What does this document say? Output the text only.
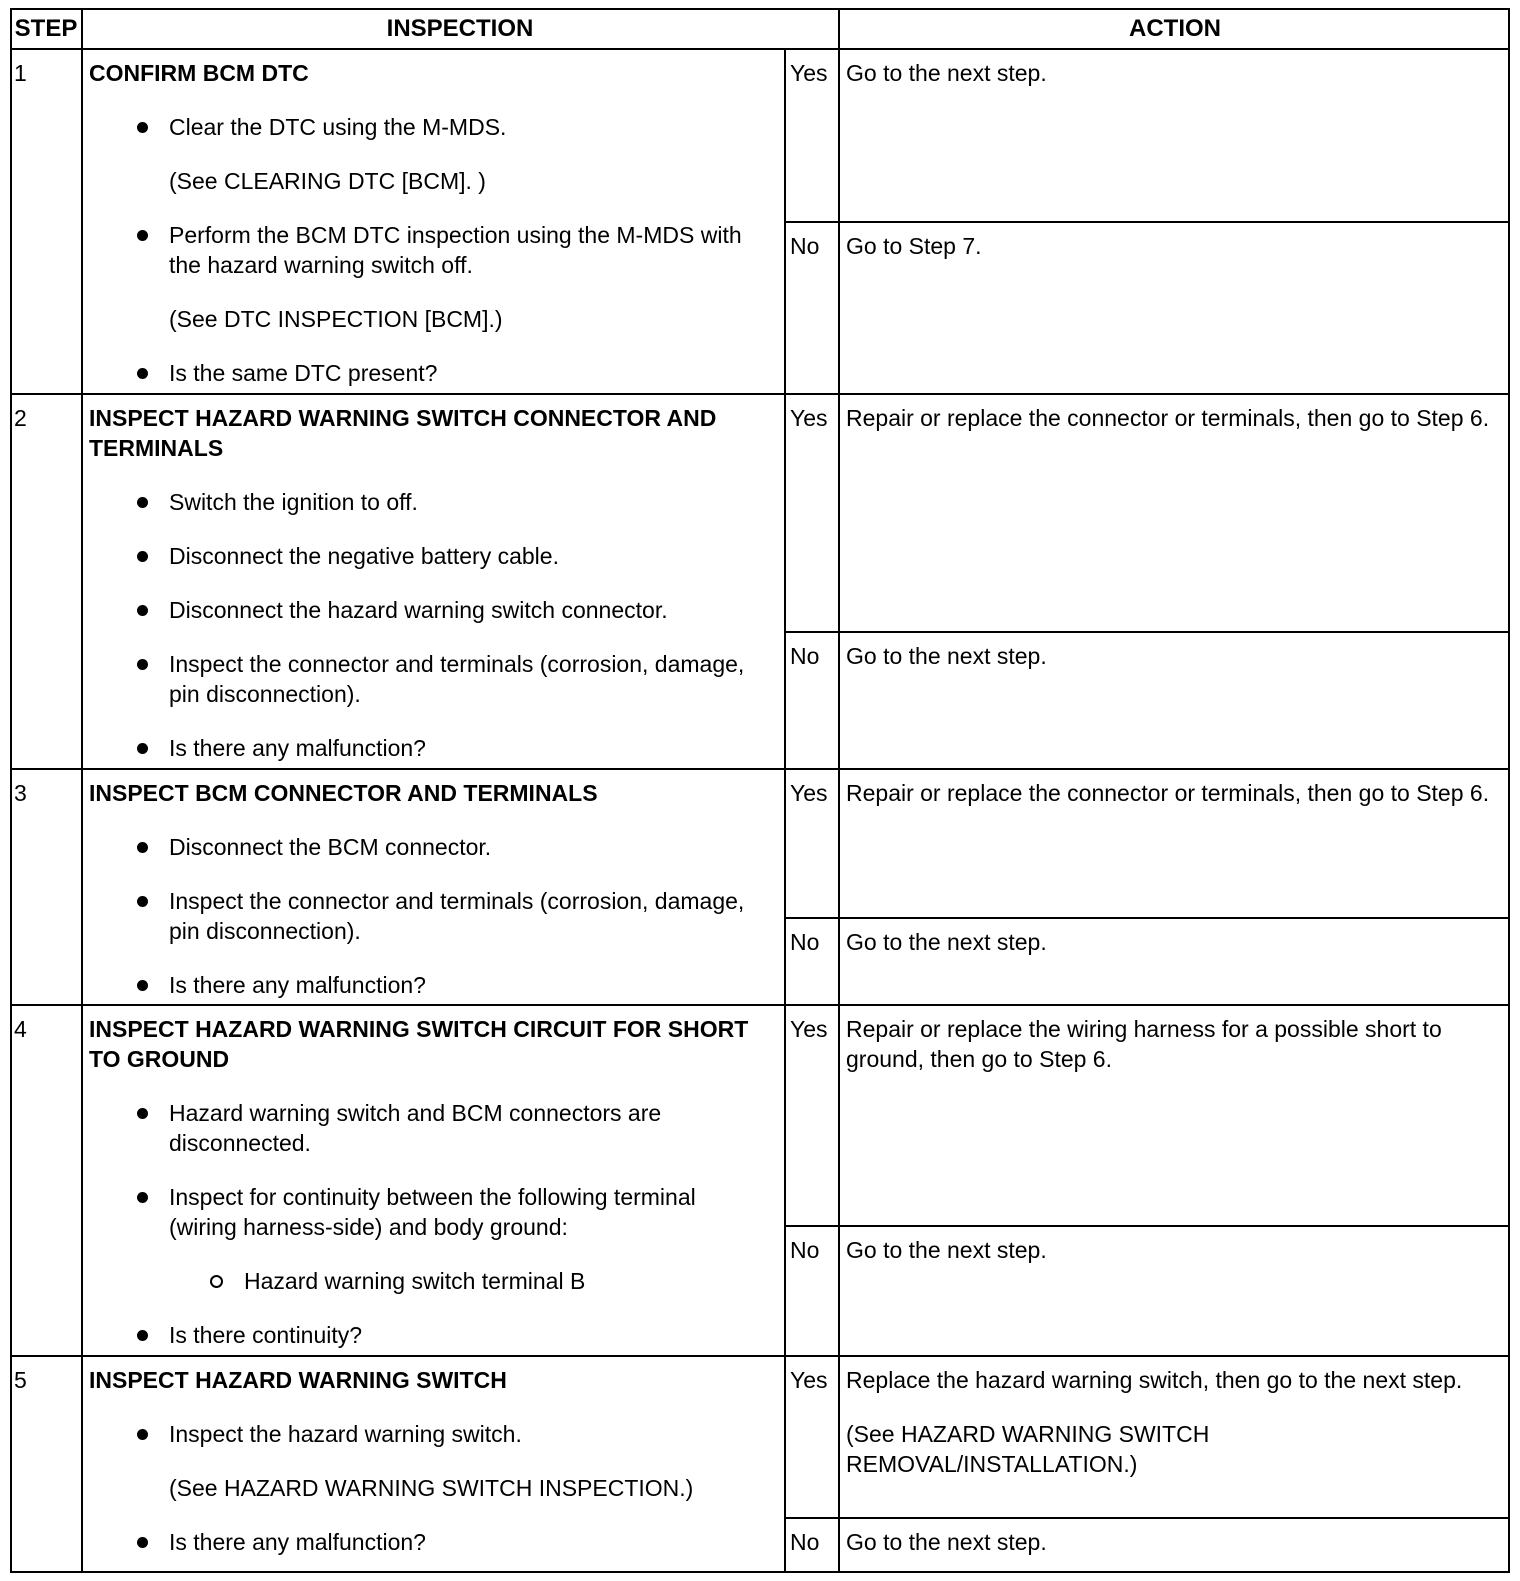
STEP	INSPECTION	ACTION
1	CONFIRM BCM DTC
Clear the DTC using the M-MDS.
(See CLEARING DTC [BCM]. )
Perform the BCM DTC inspection using the M-MDS with the hazard warning switch off.
(See DTC INSPECTION [BCM].)
Is the same DTC present?
Yes Go to the next step.
No	Go to Step 7.
2	INSPECT HAZARD WARNING SWITCH CONNECTOR AND TERMINALS
Switch the ignition to off.
Disconnect the negative battery cable.
Disconnect the hazard warning switch connector.
Inspect the connector and terminals (corrosion, damage, pin disconnection).
Is there any malfunction?
Yes Repair or replace the connector or terminals, then go to Step 6.
No	Go to the next step.
3	INSPECT BCM CONNECTOR AND TERMINALS
Disconnect the BCM connector.
Inspect the connector and terminals (corrosion, damage, pin disconnection).
Is there any malfunction?
Yes Repair or replace the connector or terminals, then go to Step 6.
No	Go to the next step.
4	INSPECT HAZARD WARNING SWITCH CIRCUIT FOR SHORT TO GROUND
Hazard warning switch and BCM connectors are disconnected.
Inspect for continuity between the following terminal (wiring harness-side) and body ground:
Hazard warning switch terminal B
Is there continuity?
Yes Repair or replace the wiring harness for a possible short to ground, then go to Step 6.
No	Go to the next step.
5	INSPECT HAZARD WARNING SWITCH
Inspect the hazard warning switch.
(See HAZARD WARNING SWITCH INSPECTION.)
Is there any malfunction?
Yes Replace the hazard warning switch, then go to the next step.
(See HAZARD WARNING SWITCH REMOVAL/INSTALLATION.)
No	Go to the next step.
